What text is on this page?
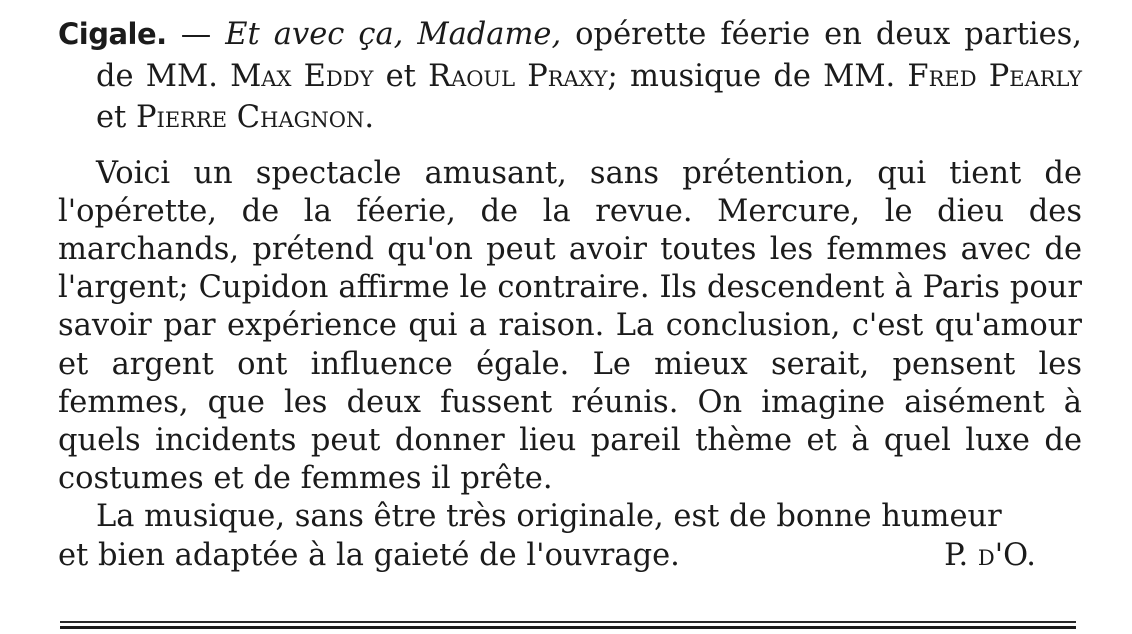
Cigale. — Et avec ça, Madame, opérette féerie en deux parties, de MM. Max Eddy et Raoul Praxy; musique de MM. Fred Pearly et Pierre Chagnon.

Voici un spectacle amusant, sans prétention, qui tient de l'opérette, de la féerie, de la revue. Mercure, le dieu des marchands, prétend qu'on peut avoir toutes les femmes avec de l'argent; Cupidon affirme le contraire. Ils descendent à Paris pour savoir par expérience qui a raison. La conclusion, c'est qu'amour et argent ont influence égale. Le mieux serait, pensent les femmes, que les deux fussent réunis. On imagine aisément à quels incidents peut donner lieu pareil thème et à quel luxe de costumes et de femmes il prête.

La musique, sans être très originale, est de bonne humeur
et bien adaptée à la gaieté de l'ouvrage.	P. d'O.
